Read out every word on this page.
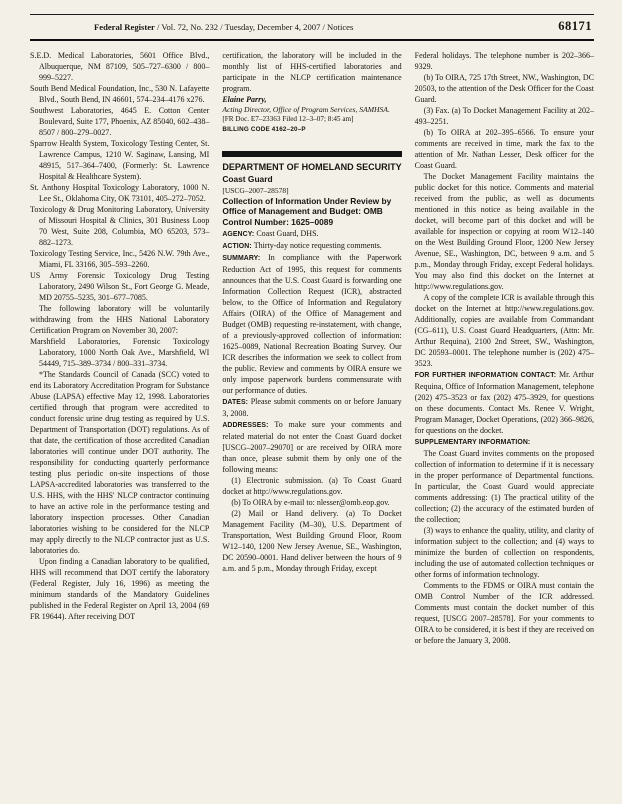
Federal Register / Vol. 72, No. 232 / Tuesday, December 4, 2007 / Notices	68171

S.E.D. Medical Laboratories, 5601 Office Blvd., Albuquerque, NM 87109, 505–727–6300 / 800–999–5227.

South Bend Medical Foundation, Inc., 530 N. Lafayette Blvd., South Bend, IN 46601, 574–234–4176 x276.

Southwest Laboratories, 4645 E. Cotton Center Boulevard, Suite 177, Phoenix, AZ 85040, 602–438–8507 / 800–279–0027.

Sparrow Health System, Toxicology Testing Center, St. Lawrence Campus, 1210 W. Saginaw, Lansing, MI 48915, 517–364–7400, (Formerly: St. Lawrence Hospital & Healthcare System).

St. Anthony Hospital Toxicology Laboratory, 1000 N. Lee St., Oklahoma City, OK 73101, 405–272–7052.

Toxicology & Drug Monitoring Laboratory, University of Missouri Hospital & Clinics, 301 Business Loop 70 West, Suite 208, Columbia, MO 65203, 573–882–1273.

Toxicology Testing Service, Inc., 5426 N.W. 79th Ave., Miami, FL 33166, 305–593–2260.

US Army Forensic Toxicology Drug Testing Laboratory, 2490 Wilson St., Fort George G. Meade, MD 20755–5235, 301–677–7085.

The following laboratory will be voluntarily withdrawing from the HHS National Laboratory Certification Program on November 30, 2007:

Marshfield Laboratories, Forensic Toxicology Laboratory, 1000 North Oak Ave., Marshfield, WI 54449, 715–389–3734 / 800–331–3734.

*The Standards Council of Canada (SCC) voted to end its Laboratory Accreditation Program for Substance Abuse (LAPSA) effective May 12, 1998. Laboratories certified through that program were accredited to conduct forensic urine drug testing as required by U.S. Department of Transportation (DOT) regulations. As of that date, the certification of those accredited Canadian laboratories will continue under DOT authority. The responsibility for conducting quarterly performance testing plus periodic on-site inspections of those LAPSA-accredited laboratories was transferred to the U.S. HHS, with the HHS' NLCP contractor continuing to have an active role in the performance testing and laboratory inspection processes. Other Canadian laboratories wishing to be considered for the NLCP may apply directly to the NLCP contractor just as U.S. laboratories do.

Upon finding a Canadian laboratory to be qualified, HHS will recommend that DOT certify the laboratory (Federal Register, July 16, 1996) as meeting the minimum standards of the Mandatory Guidelines published in the Federal Register on April 13, 2004 (69 FR 19644). After receiving DOT

certification, the laboratory will be included in the monthly list of HHS-certified laboratories and participate in the NLCP certification maintenance program.

Elaine Parry,

Acting Director, Office of Program Services, SAMHSA.

[FR Doc. E7–23363 Filed 12–3–07; 8:45 am]

BILLING CODE 4162–20–P

DEPARTMENT OF HOMELAND SECURITY

Coast Guard

[USCG–2007–28578]

Collection of Information Under Review by Office of Management and Budget: OMB Control Number: 1625–0089

AGENCY: Coast Guard, DHS.

ACTION: Thirty-day notice requesting comments.

SUMMARY: In compliance with the Paperwork Reduction Act of 1995, this request for comments announces that the U.S. Coast Guard is forwarding one Information Collection Request (ICR), abstracted below, to the Office of Information and Regulatory Affairs (OIRA) of the Office of Management and Budget (OMB) requesting re-instatement, with change, of a previously-approved collection of information: 1625–0089, National Recreation Boating Survey. Our ICR describes the information we seek to collect from the public. Review and comments by OIRA ensure we only impose paperwork burdens commensurate with our performance of duties.

DATES: Please submit comments on or before January 3, 2008.

ADDRESSES: To make sure your comments and related material do not enter the Coast Guard docket [USCG–2007–29070] or are received by OIRA more than once, please submit them by only one of the following means:

(1) Electronic submission. (a) To Coast Guard docket at http://www.regulations.gov.

(b) To OIRA by e-mail to: nlesser@omb.eop.gov.

(2) Mail or Hand delivery. (a) To Docket Management Facility (M–30), U.S. Department of Transportation, West Building Ground Floor, Room W12–140, 1200 New Jersey Avenue, SE., Washington, DC 20590–0001. Hand deliver between the hours of 9 a.m. and 5 p.m., Monday through Friday, except

Federal holidays. The telephone number is 202–366–9329.

(b) To OIRA, 725 17th Street, NW., Washington, DC 20503, to the attention of the Desk Officer for the Coast Guard.

(3) Fax. (a) To Docket Management Facility at 202–493–2251.

(b) To OIRA at 202–395–6566. To ensure your comments are received in time, mark the fax to the attention of Mr. Nathan Lesser, Desk officer for the Coast Guard.

The Docket Management Facility maintains the public docket for this notice. Comments and material received from the public, as well as documents mentioned in this notice as being available in the docket, will become part of this docket and will be available for inspection or copying at room W12–140 on the West Building Ground Floor, 1200 New Jersey Avenue, SE., Washington, DC, between 9 a.m. and 5 p.m., Monday through Friday, except Federal holidays. You may also find this docket on the Internet at http://www.regulations.gov.

A copy of the complete ICR is available through this docket on the Internet at http://www.regulations.gov. Additionally, copies are available from Commandant (CG–611), U.S. Coast Guard Headquarters, (Attn: Mr. Arthur Requina), 2100 2nd Street, SW., Washington, DC 20593–0001. The telephone number is (202) 475–3523.

FOR FURTHER INFORMATION CONTACT: Mr. Arthur Requina, Office of Information Management, telephone (202) 475–3523 or fax (202) 475–3929, for questions on these documents. Contact Ms. Renee V. Wright, Program Manager, Docket Operations, (202) 366–9826, for questions on the docket.

SUPPLEMENTARY INFORMATION:

The Coast Guard invites comments on the proposed collection of information to determine if it is necessary in the proper performance of Departmental functions. In particular, the Coast Guard would appreciate comments addressing: (1) The practical utility of the collection; (2) the accuracy of the estimated burden of the collection;

(3) ways to enhance the quality, utility, and clarity of information subject to the collection; and (4) ways to minimize the burden of collection on respondents, including the use of automated collection techniques or other forms of information technology.

Comments to the FDMS or OIRA must contain the OMB Control Number of the ICR addressed. Comments must contain the docket number of this request, [USCG 2007–28578]. For your comments to OIRA to be considered, it is best if they are received on or before the January 3, 2008.
